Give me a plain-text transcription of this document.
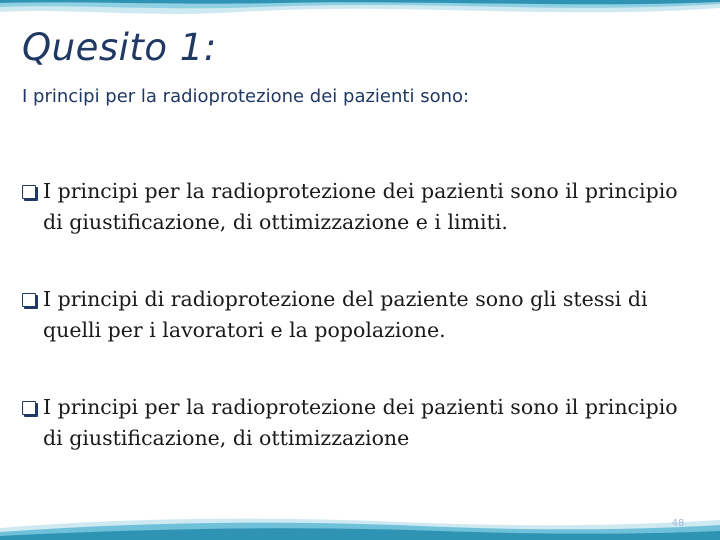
Quesito 1:

I principi per la radioprotezione dei pazienti sono:

I principi per la radioprotezione dei pazienti sono il principio di giustificazione, di ottimizzazione e i limiti.
I principi di radioprotezione del paziente sono gli stessi di quelli per i lavoratori e la popolazione.
I principi per la radioprotezione dei pazienti sono il principio di giustificazione, di ottimizzazione
48
